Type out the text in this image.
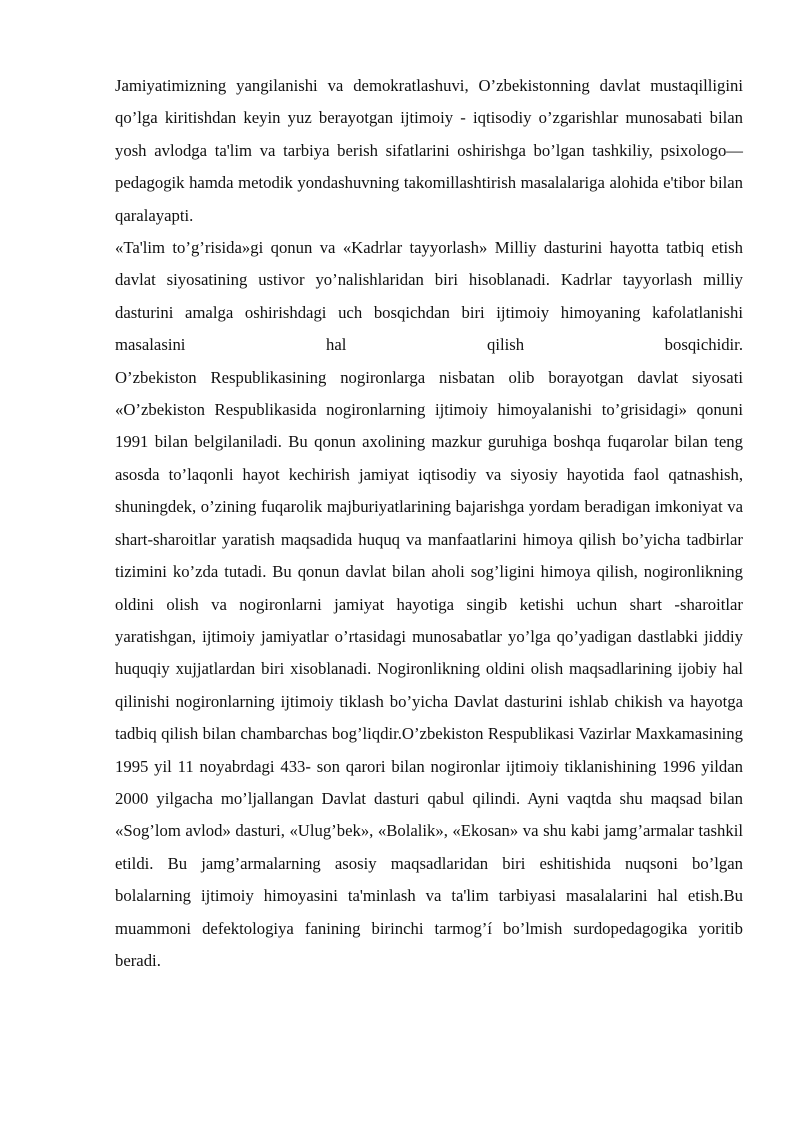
Jamiyatimizning yangilanishi va demokratlashuvi, O’zbekistonning davlat mustaqilligini qo’lga kiritishdan keyin yuz berayotgan ijtimoiy - iqtisodiy o’zgarishlar munosabati bilan yosh avlodga ta'lim va tarbiya berish sifatlarini oshirishga bo’lgan tashkiliy, psixologo—pedagogik hamda metodik yondashuvning takomillashtirish masalalariga alohida e'tibor bilan qaralayapti.

«Ta'lim to’g’risida»gi qonun va «Kadrlar tayyorlash» Milliy dasturini hayotta tatbiq etish davlat siyosatining ustivor yo’nalishlaridan biri hisoblanadi. Kadrlar tayyorlash milliy dasturini amalga oshirishdagi uch bosqichdan biri ijtimoiy himoyaning kafolatlanishi masalasini hal qilish bosqichidir.

O’zbekiston Respublikasining nogironlarga nisbatan olib borayotgan davlat siyosati «O’zbekiston Respublikasida nogironlarning ijtimoiy himoyalanishi to’grisidagi» qonuni 1991 bilan belgilaniladi. Bu qonun axolining mazkur guruhiga boshqa fuqarolar bilan teng asosda to’laqonli hayot kechirish jamiyat iqtisodiy va siyosiy hayotida faol qatnashish, shuningdek, o’zining fuqarolik majburiyatlarining bajarishga yordam beradigan imkoniyat va shart-sharoitlar yaratish maqsadida huquq va manfaatlarini himoya qilish bo’yicha tadbirlar tizimini ko’zda tutadi. Bu qonun davlat bilan aholi sog’ligini himoya qilish, nogironlikning oldini olish va nogironlarni jamiyat hayotiga singib ketishi uchun shart -sharoitlar yaratishgan, ijtimoiy jamiyatlar o’rtasidagi munosabatlar yo’lga qo’yadigan dastlabki jiddiy huquqiy xujjatlardan biri xisoblanadi. Nogironlikning oldini olish maqsadlarining ijobiy hal qilinishi nogironlarning ijtimoiy tiklash bo’yicha Davlat dasturini ishlab chikish va hayotga tadbiq qilish bilan chambarchas bog’liqdir.O’zbekiston Respublikasi Vazirlar Maxkamasining 1995 yil 11 noyabrdagi 433- son qarori bilan nogironlar ijtimoiy tiklanishining 1996 yildan 2000 yilgacha mo’ljallangan Davlat dasturi qabul qilindi. Ayni vaqtda shu maqsad bilan «Sog’lom avlod» dasturi, «Ulug’bek», «Bolalik», «Ekosan» va shu kabi jamg’armalar tashkil etildi. Bu jamg’armalarning asosiy maqsadlaridan biri eshitishida nuqsoni bo’lgan bolalarning ijtimoiy himoyasini ta'minlash va ta'lim tarbiyasi masalalarini hal etish.Bu muammoni defektologiya fanining birinchi tarmog’í bo’lmish surdopedagogika yoritib beradi.
